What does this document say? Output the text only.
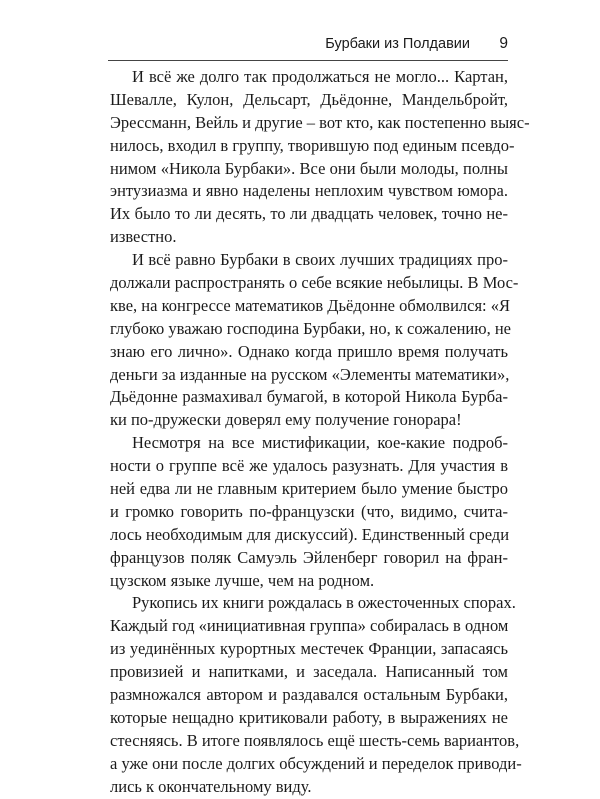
Бурбаки из Полдавии 9
И всё же долго так продолжаться не могло... Картан,
Шевалле, Кулон, Дельсарт, Дьёдонне, Мандельбройт,
Эрессманн, Вейль и другие – вот кто, как постепенно выяс-
нилось, входил в группу, творившую под единым псевдо-
нимом «Никола Бурбаки». Все они были молоды, полны
энтузиазма и явно наделены неплохим чувством юмора.
Их было то ли десять, то ли двадцать человек, точно не-
известно.
И всё равно Бурбаки в своих лучших традициях про-
должали распространять о себе всякие небылицы. В Мос-
кве, на конгрессе математиков Дьёдонне обмолвился: «Я
глубоко уважаю господина Бурбаки, но, к сожалению, не
знаю его лично». Однако когда пришло время получать
деньги за изданные на русском «Элементы математики»,
Дьёдонне размахивал бумагой, в которой Никола Бурба-
ки по-дружески доверял ему получение гонорара!
Несмотря на все мистификации, кое-какие подроб-
ности о группе всё же удалось разузнать. Для участия в
ней едва ли не главным критерием было умение быстро
и громко говорить по-французски (что, видимо, счита-
лось необходимым для дискуссий). Единственный среди
французов поляк Самуэль Эйленберг говорил на фран-
цузском языке лучше, чем на родном.
Рукопись их книги рождалась в ожесточенных спорах.
Каждый год «инициативная группа» собиралась в одном
из уединённых курортных местечек Франции, запасаясь
провизией и напитками, и заседала. Написанный том
размножался автором и раздавался остальным Бурбаки,
которые нещадно критиковали работу, в выражениях не
стесняясь. В итоге появлялось ещё шесть-семь вариантов,
а уже они после долгих обсуждений и переделок приводи-
лись к окончательному виду.
